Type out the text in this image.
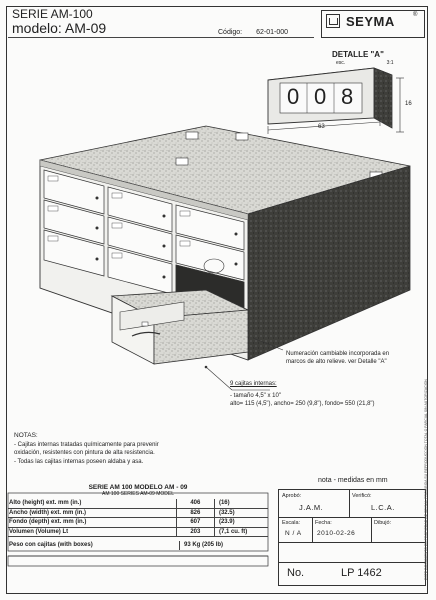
SERIE AM-100
modelo: AM-09	Código: 62-01-000
SEYMA	®
DETALLE "A"
esc.	3:1
0 0 8
63
16
Numeración cambiable incorporada en
marcos de alto relieve. ver Detalle "A"
9 cajitas internas:
- tamaño 4,5" x 10"
alto= 115 (4,5"), ancho= 250 (9,8"), fondo= 550 (21,8")
NOTAS:
- Cajitas internas tratadas químicamente para prevenir
oxidación, resistentes con pintura de alta resistencia.
- Todas las cajitas internas poseen aldaba y asa.
SERIE AM 100 MODELO AM - 09
AM 100 SERIES AM-09 MODEL
Alto (height) ext. mm (in.)	406	(16)
Ancho (width) ext. mm (in.)	826	(32.5)
Fondo (depth) ext. mm (in.)	607	(23.9)
Volumen (Volume) Lt	203	(7,1 cu. ft)
Peso con cajitas (with boxes)	93 Kg (205 lb)
nota - medidas en mm
Aprobó:
J.A.M.
Verificó:
L.C.A.
Escala:
N / A
Fecha:
2010-02-26
Dibujó:
No.	LP 1462	ESTE DOCUMENTO ES PROPIEDAD DE SEYMA, PROHIBIDA SU REPRODUCCIÓN TOTAL O PARCIAL SIN AUTORIZACIÓN
